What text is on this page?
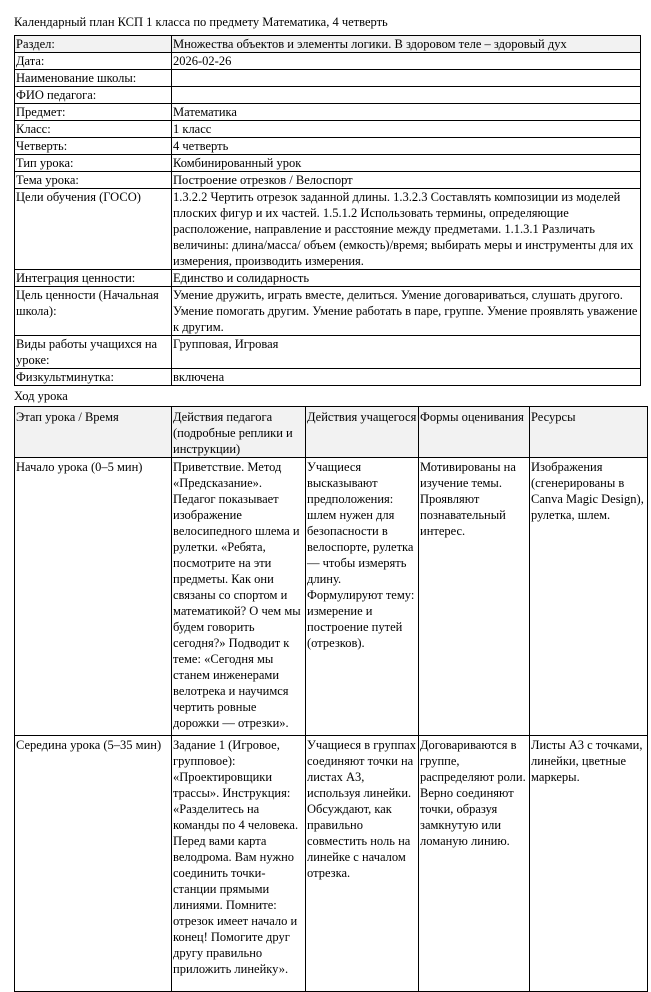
Календарный план КСП 1 класса по предмету Математика, 4 четверть
Раздел:	Множества объектов и элементы логики. В здоровом теле – здоровый дух
Дата:	2026-02-26
Наименование школы:	
ФИО педагога:	
Предмет:	Математика
Класс:	1 класс
Четверть:	4 четверть
Тип урока:	Комбинированный урок
Тема урока:	Построение отрезков / Велоспорт
Цели обучения (ГОСО)	1.3.2.2 Чертить отрезок заданной длины. 1.3.2.3 Составлять композиции из моделей плоских фигур и их частей. 1.5.1.2 Использовать термины, определяющие расположение, направление и расстояние между предметами. 1.1.3.1 Различать величины: длина/масса/ объем (емкость)/время; выбирать меры и инструменты для их измерения, производить измерения.
Интеграция ценности:	Единство и солидарность
Цель ценности (Начальная школа):	Умение дружить, играть вместе, делиться. Умение договариваться, слушать другого. Умение помогать другим. Умение работать в паре, группе. Умение проявлять уважение к другим.
Виды работы учащихся на уроке:	Групповая, Игровая
Физкультминутка:	включена
Ход урока
Этап урока / Время	Действия педагога (подробные реплики и инструкции)	Действия учащегося	Формы оценивания	Ресурсы
Начало урока (0–5 мин)	Приветствие. Метод «Предсказание». Педагог показывает изображение велосипедного шлема и рулетки. «Ребята, посмотрите на эти предметы. Как они связаны со спортом и математикой? О чем мы будем говорить сегодня?» Подводит к теме: «Сегодня мы станем инженерами велотрека и научимся чертить ровные дорожки — отрезки».	Учащиеся высказывают предположения: шлем нужен для безопасности в велоспорте, рулетка — чтобы измерять длину. Формулируют тему: измерение и построение путей (отрезков).	Мотивированы на изучение темы. Проявляют познавательный интерес.	Изображения (сгенерированы в Canva Magic Design), рулетка, шлем.
Середина урока (5–35 мин)	Задание 1 (Игровое, групповое): «Проектировщики трассы». Инструкция: «Разделитесь на команды по 4 человека. Перед вами карта велодрома. Вам нужно соединить точки-станции прямыми линиями. Помните: отрезок имеет начало и конец! Помогите друг другу правильно приложить линейку».	Учащиеся в группах соединяют точки на листах А3, используя линейки. Обсуждают, как правильно совместить ноль на линейке с началом отрезка.	Договариваются в группе, распределяют роли. Верно соединяют точки, образуя замкнутую или ломаную линию.	Листы А3 с точками, линейки, цветные маркеры.
